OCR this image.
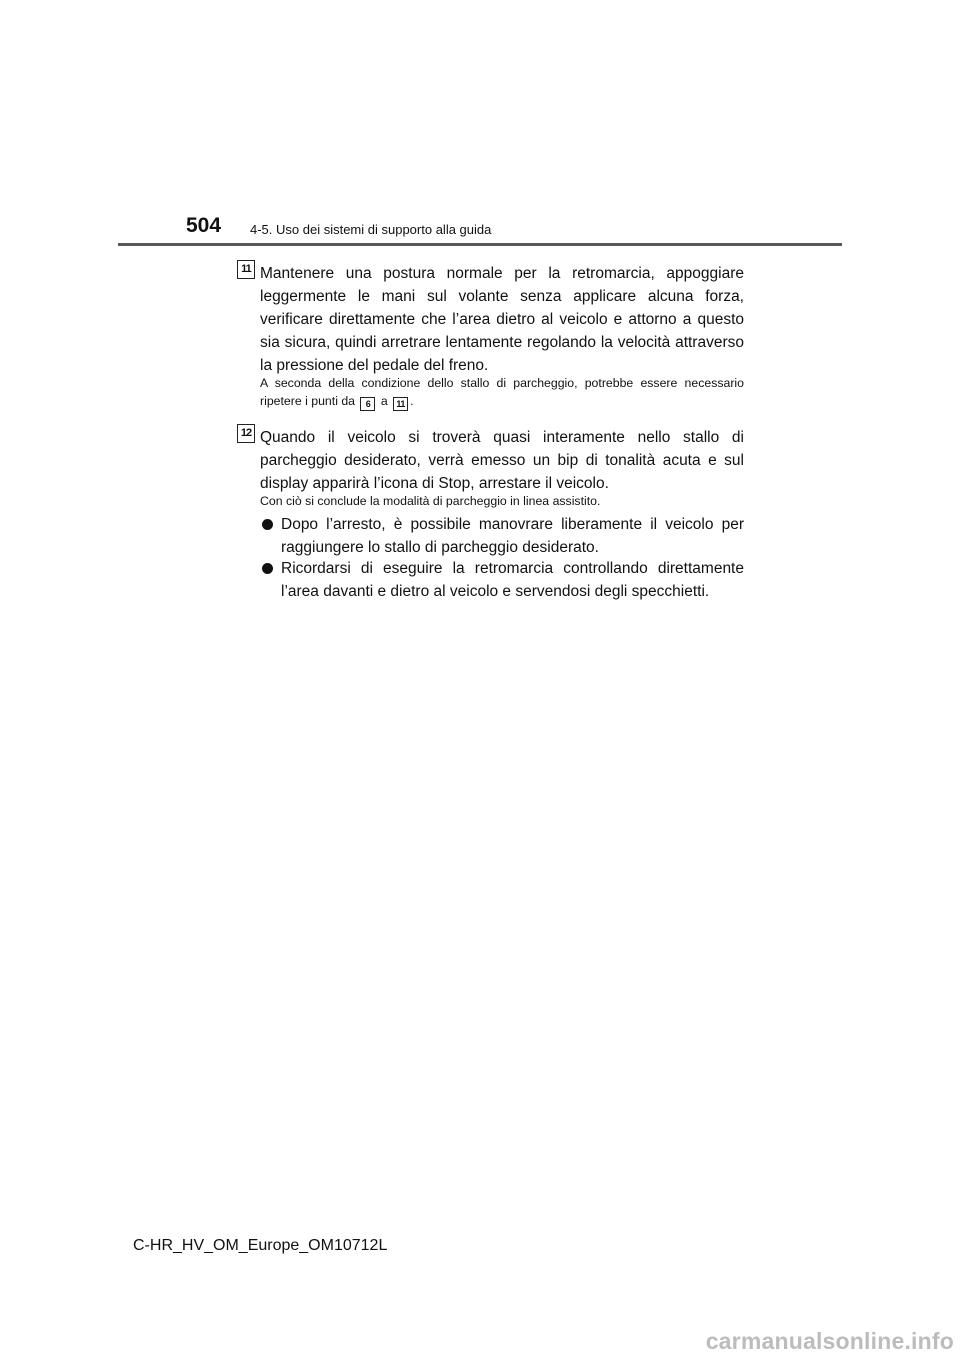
504 4-5. Uso dei sistemi di supporto alla guida
11 Mantenere una postura normale per la retromarcia, appoggiare leggermente le mani sul volante senza applicare alcuna forza, verificare direttamente che l’area dietro al veicolo e attorno a questo sia sicura, quindi arretrare lentamente regolando la velocità attraverso la pressione del pedale del freno.
A seconda della condizione dello stallo di parcheggio, potrebbe essere necessario ripetere i punti da 6 a 11 .
12 Quando il veicolo si troverà quasi interamente nello stallo di parcheggio desiderato, verrà emesso un bip di tonalità acuta e sul display apparirà l’icona di Stop, arrestare il veicolo.
Con ciò si conclude la modalità di parcheggio in linea assistito.
Dopo l’arresto, è possibile manovrare liberamente il veicolo per raggiungere lo stallo di parcheggio desiderato.
Ricordarsi di eseguire la retromarcia controllando direttamente l’area davanti e dietro al veicolo e servendosi degli specchietti.
C-HR_HV_OM_Europe_OM10712L
carmanualsonline.info
